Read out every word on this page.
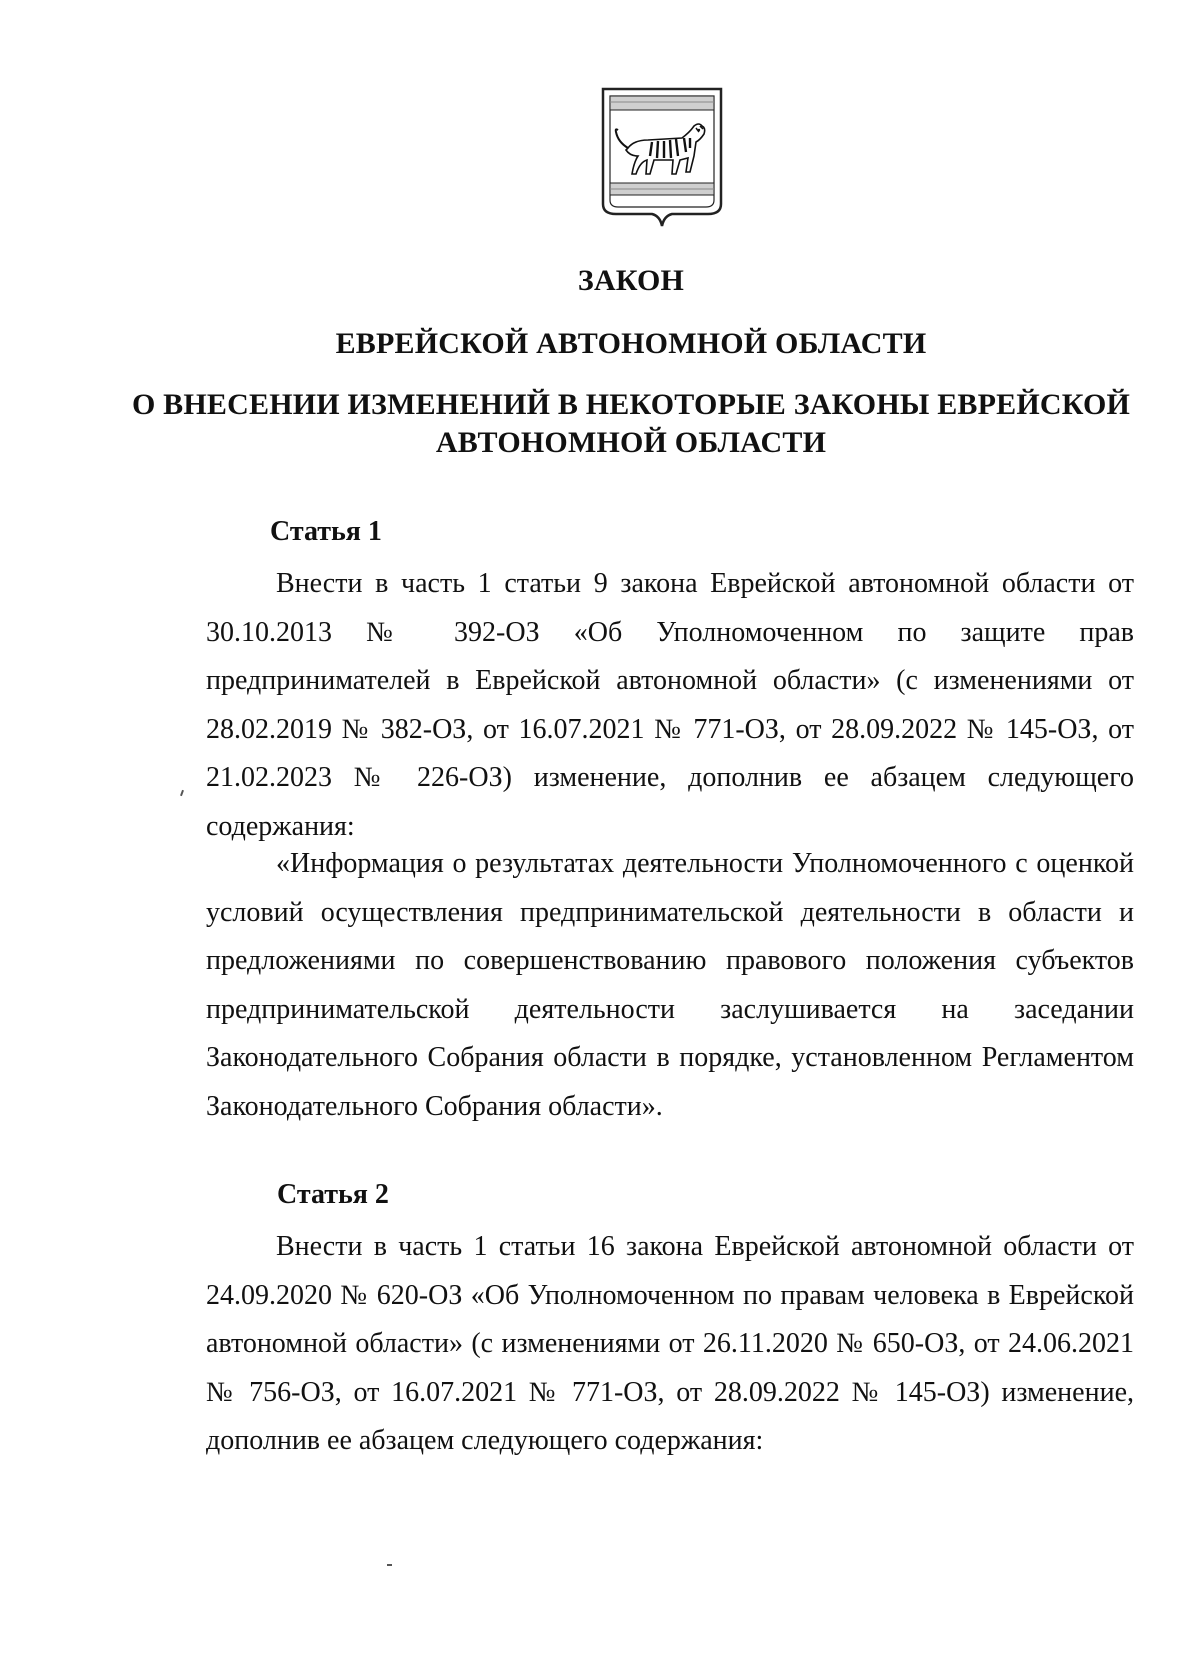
ЗАКОН
ЕВРЕЙСКОЙ АВТОНОМНОЙ ОБЛАСТИ
О ВНЕСЕНИИ ИЗМЕНЕНИЙ В НЕКОТОРЫЕ ЗАКОНЫ ЕВРЕЙСКОЙ АВТОНОМНОЙ ОБЛАСТИ
Статья 1
Внести в часть 1 статьи 9 закона Еврейской автономной области от 30.10.2013 № 392-ОЗ «Об Уполномоченном по защите прав предпринимателей в Еврейской автономной области» (с изменениями от 28.02.2019 № 382-ОЗ, от 16.07.2021 № 771-ОЗ, от 28.09.2022 № 145-ОЗ, от 21.02.2023 № 226-ОЗ) изменение, дополнив ее абзацем следующего содержания:
«Информация о результатах деятельности Уполномоченного с оценкой условий осуществления предпринимательской деятельности в области и предложениями по совершенствованию правового положения субъектов предпринимательской деятельности заслушивается на заседании Законодательного Собрания области в порядке, установленном Регламентом Законодательного Собрания области».
Статья 2
Внести в часть 1 статьи 16 закона Еврейской автономной области от 24.09.2020 № 620-ОЗ «Об Уполномоченном по правам человека в Еврейской автономной области» (с изменениями от 26.11.2020 № 650-ОЗ, от 24.06.2021 № 756-ОЗ, от 16.07.2021 № 771-ОЗ, от 28.09.2022 № 145-ОЗ) изменение, дополнив ее абзацем следующего содержания:
